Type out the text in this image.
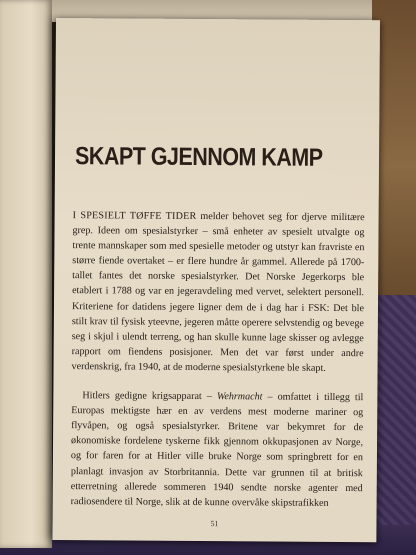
SKAPT GJENNOM KAMP

I SPESIELT TØFFE TIDER melder behovet seg for djerve militære grep. Ideen om spesialstyrker – små enheter av spesielt utvalgte og trente mannskaper som med spesielle metoder og utstyr kan fravriste en større fiende overtaket – er flere hundre år gammel. Allerede på 1700-tallet fantes det norske spesialstyrker. Det Norske Jegerkorps ble etablert i 1788 og var en jegeravdeling med vervet, selektert personell. Kriteriene for datidens jegere ligner dem de i dag har i FSK: Det ble stilt krav til fysisk yteevne, jegeren måtte operere selvstendig og bevege seg i skjul i ulendt terreng, og han skulle kunne lage skisser og avlegge rapport om fiendens posisjoner. Men det var først under andre verdenskrig, fra 1940, at de moderne spesialstyrkene ble skapt.

Hitlers gedigne krigsapparat – Wehrmacht – omfattet i tillegg til Europas mektigste hær en av verdens mest moderne mariner og flyvåpen, og også spesialstyrker. Britene var bekymret for de økonomiske fordelene tyskerne fikk gjennom okkupasjonen av Norge, og for faren for at Hitler ville bruke Norge som springbrett for en planlagt invasjon av Storbritannia. Dette var grunnen til at britisk etterretning allerede sommeren 1940 sendte norske agenter med radiosendere til Norge, slik at de kunne overvåke skipstrafikken

51
